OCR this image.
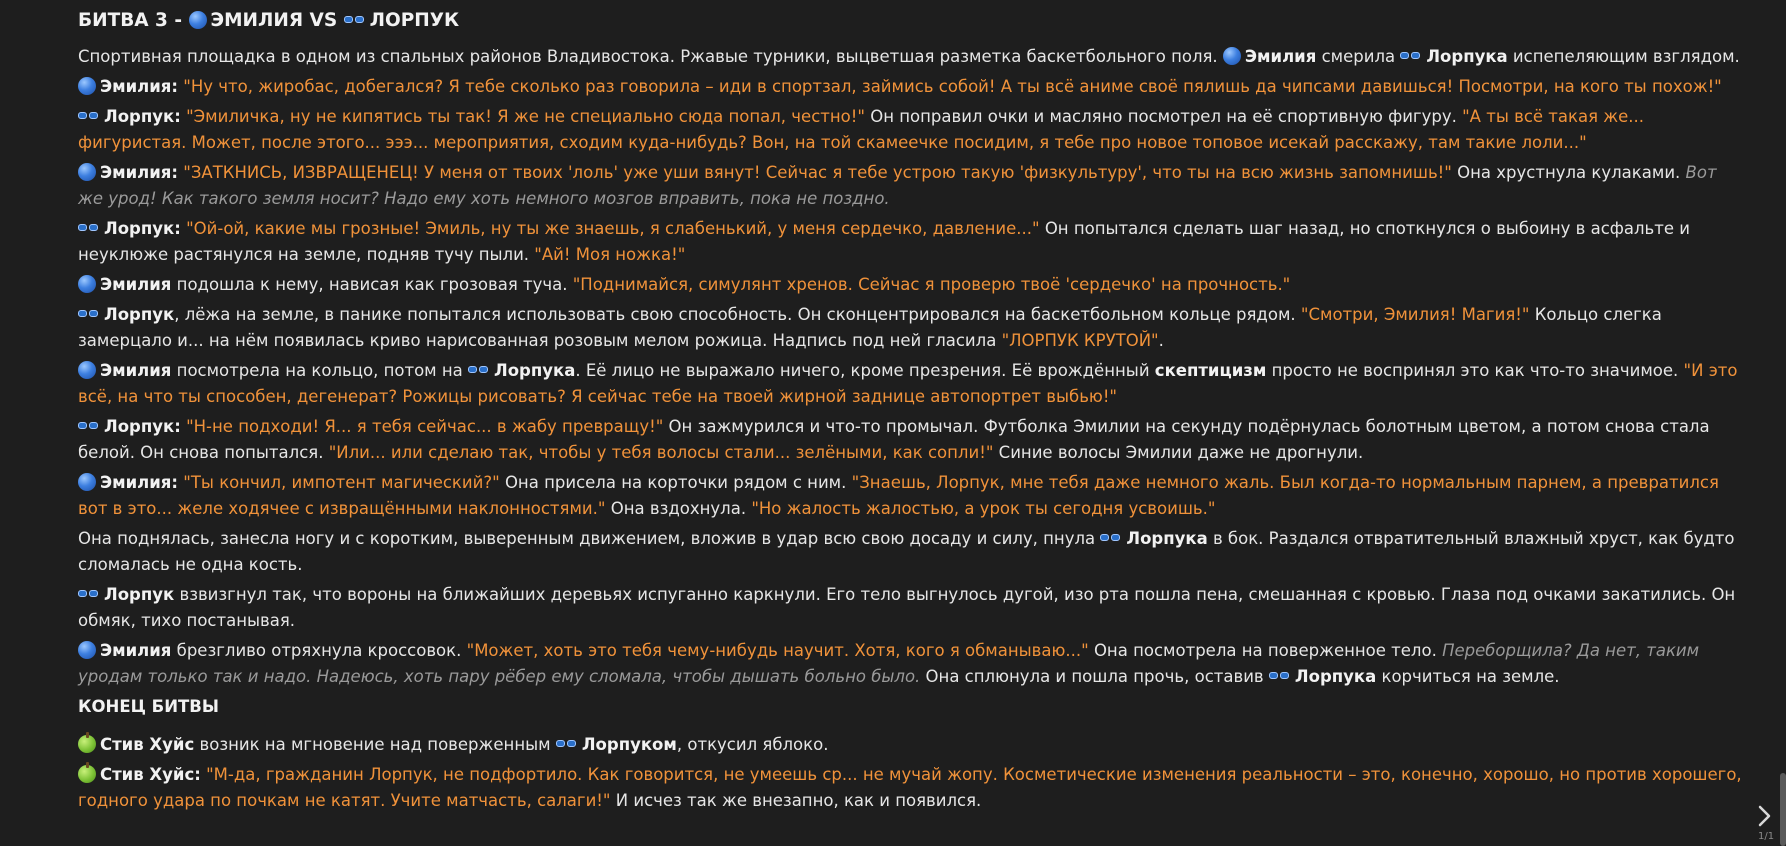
БИТВА 3 - ЭМИЛИЯ VS ЛОРПУК
Спортивная площадка в одном из спальных районов Владивостока. Ржавые турники, выцветшая разметка баскетбольного поля. Эмилия смерила Лорпука испепеляющим взглядом.
Эмилия: "Ну что, жиробас, добегался? Я тебе сколько раз говорила – иди в спортзал, займись собой! А ты всё аниме своё пялишь да чипсами давишься! Посмотри, на кого ты похож!"
Лорпук: "Эмиличка, ну не кипятись ты так! Я же не специально сюда попал, честно!" Он поправил очки и масляно посмотрел на её спортивную фигуру. "А ты всё такая же... фигуристая. Может, после этого... эээ... мероприятия, сходим куда-нибудь? Вон, на той скамеечке посидим, я тебе про новое топовое исекай расскажу, там такие лоли..."
Эмилия: "ЗАТКНИСЬ, ИЗВРАЩЕНЕЦ! У меня от твоих 'лоль' уже уши вянут! Сейчас я тебе устрою такую 'физкультуру', что ты на всю жизнь запомнишь!" Она хрустнула кулаками. Вот же урод! Как такого земля носит? Надо ему хоть немного мозгов вправить, пока не поздно.
Лорпук: "Ой-ой, какие мы грозные! Эмиль, ну ты же знаешь, я слабенький, у меня сердечко, давление..." Он попытался сделать шаг назад, но споткнулся о выбоину в асфальте и неуклюже растянулся на земле, подняв тучу пыли. "Ай! Моя ножка!"
Эмилия подошла к нему, нависая как грозовая туча. "Поднимайся, симулянт хренов. Сейчас я проверю твоё 'сердечко' на прочность."
Лорпук, лёжа на земле, в панике попытался использовать свою способность. Он сконцентрировался на баскетбольном кольце рядом. "Смотри, Эмилия! Магия!" Кольцо слегка замерцало и... на нём появилась криво нарисованная розовым мелом рожица. Надпись под ней гласила "ЛОРПУК КРУТОЙ".
Эмилия посмотрела на кольцо, потом на Лорпука. Её лицо не выражало ничего, кроме презрения. Её врождённый скептицизм просто не воспринял это как что-то значимое. "И это всё, на что ты способен, дегенерат? Рожицы рисовать? Я сейчас тебе на твоей жирной заднице автопортрет выбью!"
Лорпук: "Н-не подходи! Я... я тебя сейчас... в жабу превращу!" Он зажмурился и что-то промычал. Футболка Эмилии на секунду подёрнулась болотным цветом, а потом снова стала белой. Он снова попытался. "Или... или сделаю так, чтобы у тебя волосы стали... зелёными, как сопли!" Синие волосы Эмилии даже не дрогнули.
Эмилия: "Ты кончил, импотент магический?" Она присела на корточки рядом с ним. "Знаешь, Лорпук, мне тебя даже немного жаль. Был когда-то нормальным парнем, а превратился вот в это... желе ходячее с извращёнными наклонностями." Она вздохнула. "Но жалость жалостью, а урок ты сегодня усвоишь."
Она поднялась, занесла ногу и с коротким, выверенным движением, вложив в удар всю свою досаду и силу, пнула Лорпука в бок. Раздался отвратительный влажный хруст, как будто сломалась не одна кость.
Лорпук взвизгнул так, что вороны на ближайших деревьях испуганно каркнули. Его тело выгнулось дугой, изо рта пошла пена, смешанная с кровью. Глаза под очками закатились. Он обмяк, тихо постанывая.
Эмилия брезгливо отряхнула кроссовок. "Может, хоть это тебя чему-нибудь научит. Хотя, кого я обманываю..." Она посмотрела на поверженное тело. Переборщила? Да нет, таким уродам только так и надо. Надеюсь, хоть пару рёбер ему сломала, чтобы дышать больно было. Она сплюнула и пошла прочь, оставив Лорпука корчиться на земле.
КОНЕЦ БИТВЫ
Стив Хуйс возник на мгновение над поверженным Лорпуком, откусил яблоко.
Стив Хуйс: "М-да, гражданин Лорпук, не подфортило. Как говорится, не умеешь ср... не мучай жопу. Косметические изменения реальности – это, конечно, хорошо, но против хорошего, годного удара по почкам не катят. Учите матчасть, салаги!" И исчез так же внезапно, как и появился.
1/1
